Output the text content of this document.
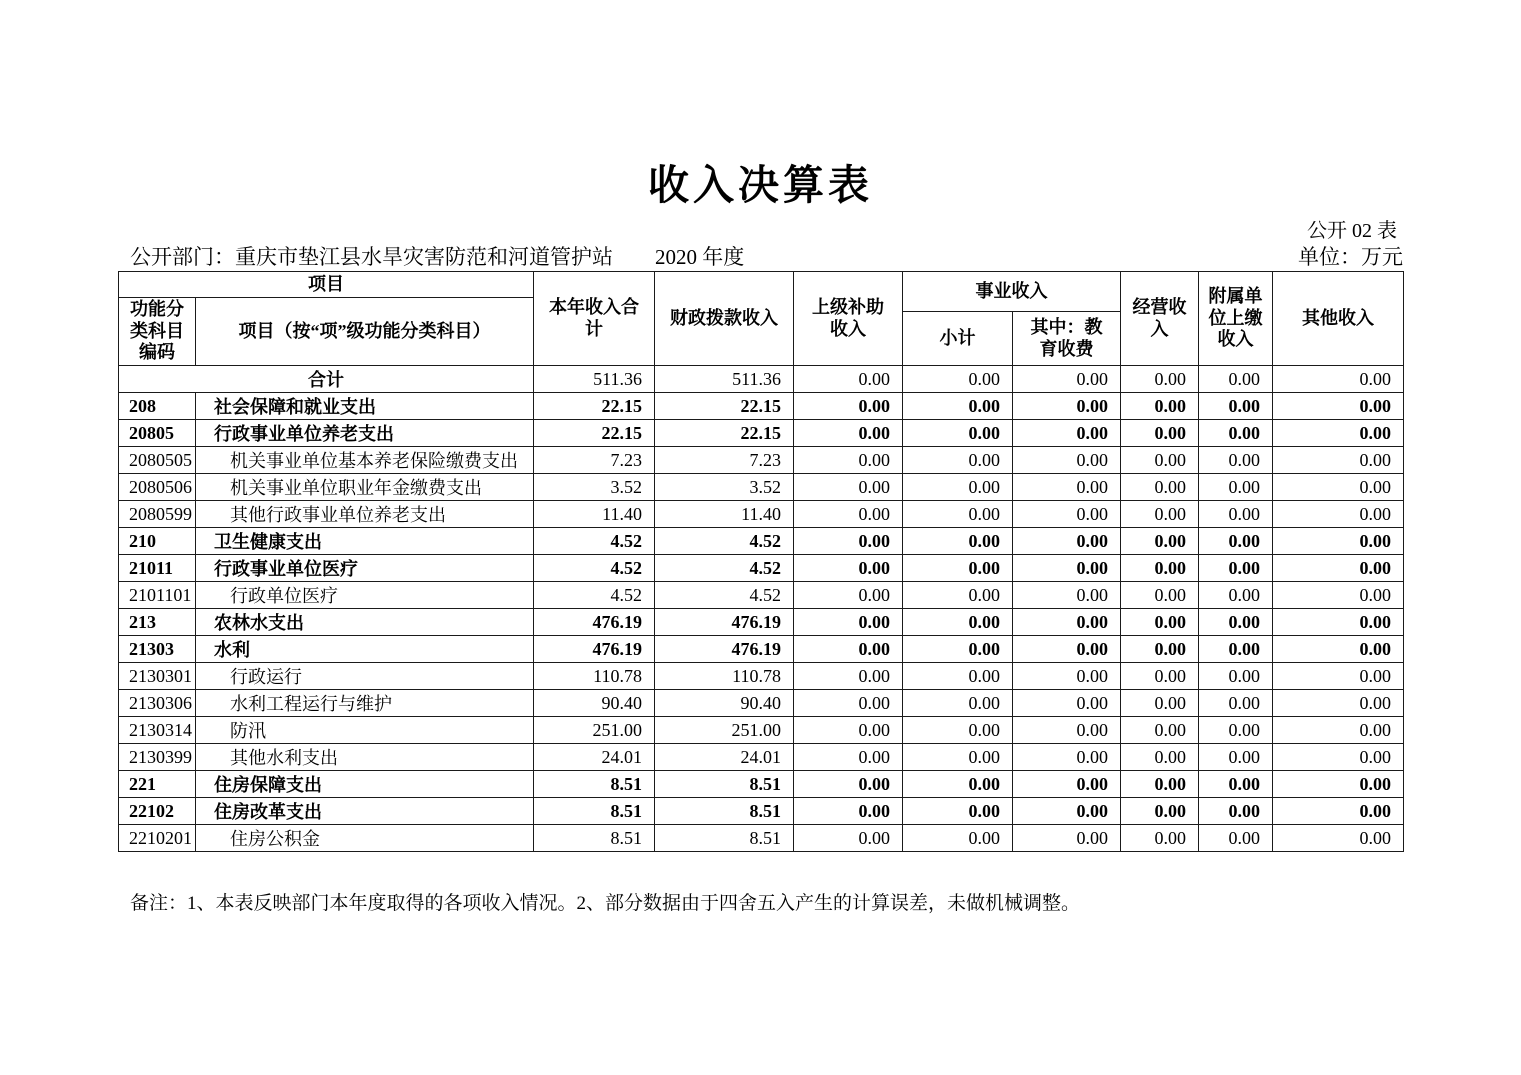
收入决算表
公开 02 表
公开部门：重庆市垫江县水旱灾害防范和河道管护站 2020 年度	单位：万元
项目		本年收入合计	财政拨款收入	上级补助收入	事业收入		经营收入	附属单位上缴收入	其他收入
功能分类科目编码	项目（按“项”级功能分类科目）								
					小计	其中：教育收费			
合计		511.36	511.36	0.00	0.00	0.00	0.00	0.00	0.00
208	社会保障和就业支出	22.15	22.15	0.00	0.00	0.00	0.00	0.00	0.00
20805	行政事业单位养老支出	22.15	22.15	0.00	0.00	0.00	0.00	0.00	0.00
2080505	机关事业单位基本养老保险缴费支出	7.23	7.23	0.00	0.00	0.00	0.00	0.00	0.00
2080506	机关事业单位职业年金缴费支出	3.52	3.52	0.00	0.00	0.00	0.00	0.00	0.00
2080599	其他行政事业单位养老支出	11.40	11.40	0.00	0.00	0.00	0.00	0.00	0.00
210	卫生健康支出	4.52	4.52	0.00	0.00	0.00	0.00	0.00	0.00
21011	行政事业单位医疗	4.52	4.52	0.00	0.00	0.00	0.00	0.00	0.00
2101101	行政单位医疗	4.52	4.52	0.00	0.00	0.00	0.00	0.00	0.00
213	农林水支出	476.19	476.19	0.00	0.00	0.00	0.00	0.00	0.00
21303	水利	476.19	476.19	0.00	0.00	0.00	0.00	0.00	0.00
2130301	行政运行	110.78	110.78	0.00	0.00	0.00	0.00	0.00	0.00
2130306	水利工程运行与维护	90.40	90.40	0.00	0.00	0.00	0.00	0.00	0.00
2130314	防汛	251.00	251.00	0.00	0.00	0.00	0.00	0.00	0.00
2130399	其他水利支出	24.01	24.01	0.00	0.00	0.00	0.00	0.00	0.00
221	住房保障支出	8.51	8.51	0.00	0.00	0.00	0.00	0.00	0.00
22102	住房改革支出	8.51	8.51	0.00	0.00	0.00	0.00	0.00	0.00
2210201	住房公积金	8.51	8.51	0.00	0.00	0.00	0.00	0.00	0.00
备注：1、本表反映部门本年度取得的各项收入情况。2、部分数据由于四舍五入产生的计算误差，未做机械调整。
